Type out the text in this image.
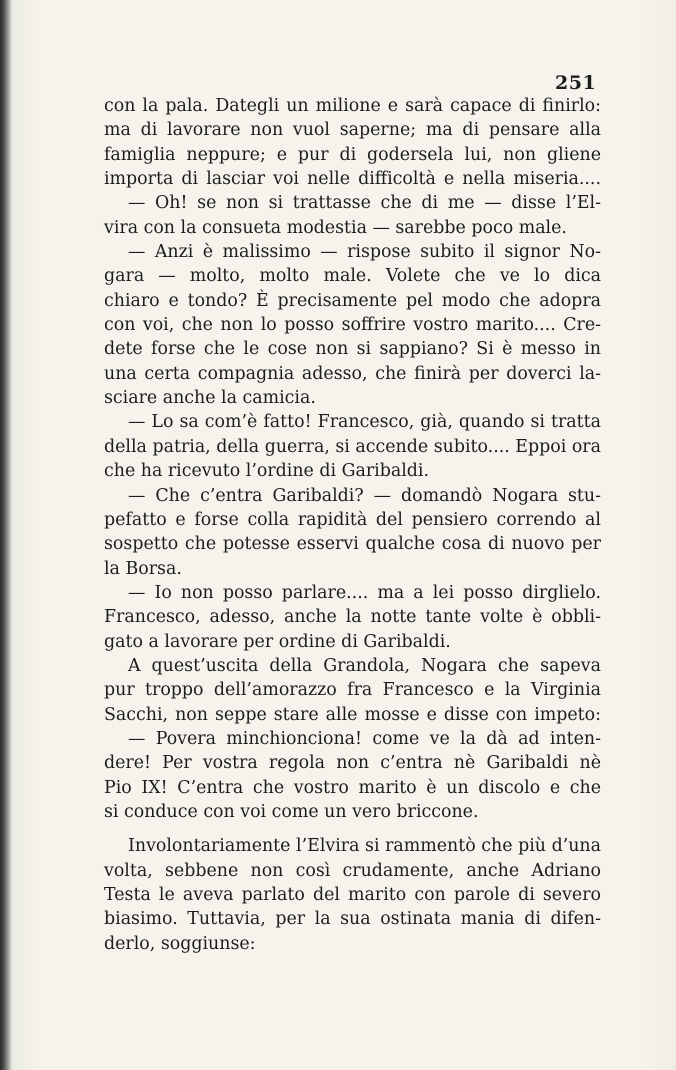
251
con la pala. Dategli un milione e sarà capace di finirlo:
ma di lavorare non vuol saperne; ma di pensare alla
famiglia neppure; e pur di godersela lui, non gliene
importa di lasciar voi nelle difficoltà e nella miseria....
— Oh! se non si trattasse che di me — disse l’El-
vira con la consueta modestia — sarebbe poco male.
— Anzi è malissimo — rispose subito il signor No-
gara — molto, molto male. Volete che ve lo dica
chiaro e tondo? È precisamente pel modo che adopra
con voi, che non lo posso soffrire vostro marito.... Cre-
dete forse che le cose non si sappiano? Si è messo in
una certa compagnia adesso, che finirà per doverci la-
sciare anche la camicia.
— Lo sa com’è fatto! Francesco, già, quando si tratta
della patria, della guerra, si accende subito.... Eppoi ora
che ha ricevuto l’ordine di Garibaldi.
— Che c’entra Garibaldi? — domandò Nogara stu-
pefatto e forse colla rapidità del pensiero correndo al
sospetto che potesse esservi qualche cosa di nuovo per
la Borsa.
— Io non posso parlare.... ma a lei posso dirglielo.
Francesco, adesso, anche la notte tante volte è obbli-
gato a lavorare per ordine di Garibaldi.
A quest’uscita della Grandola, Nogara che sapeva
pur troppo dell’amorazzo fra Francesco e la Virginia
Sacchi, non seppe stare alle mosse e disse con impeto:
— Povera minchionciona! come ve la dà ad inten-
dere! Per vostra regola non c’entra nè Garibaldi nè
Pio IX! C’entra che vostro marito è un discolo e che
si conduce con voi come un vero briccone.
Involontariamente l’Elvira si rammentò che più d’una
volta, sebbene non così crudamente, anche Adriano
Testa le aveva parlato del marito con parole di severo
biasimo. Tuttavia, per la sua ostinata mania di difen-
derlo, soggiunse:
